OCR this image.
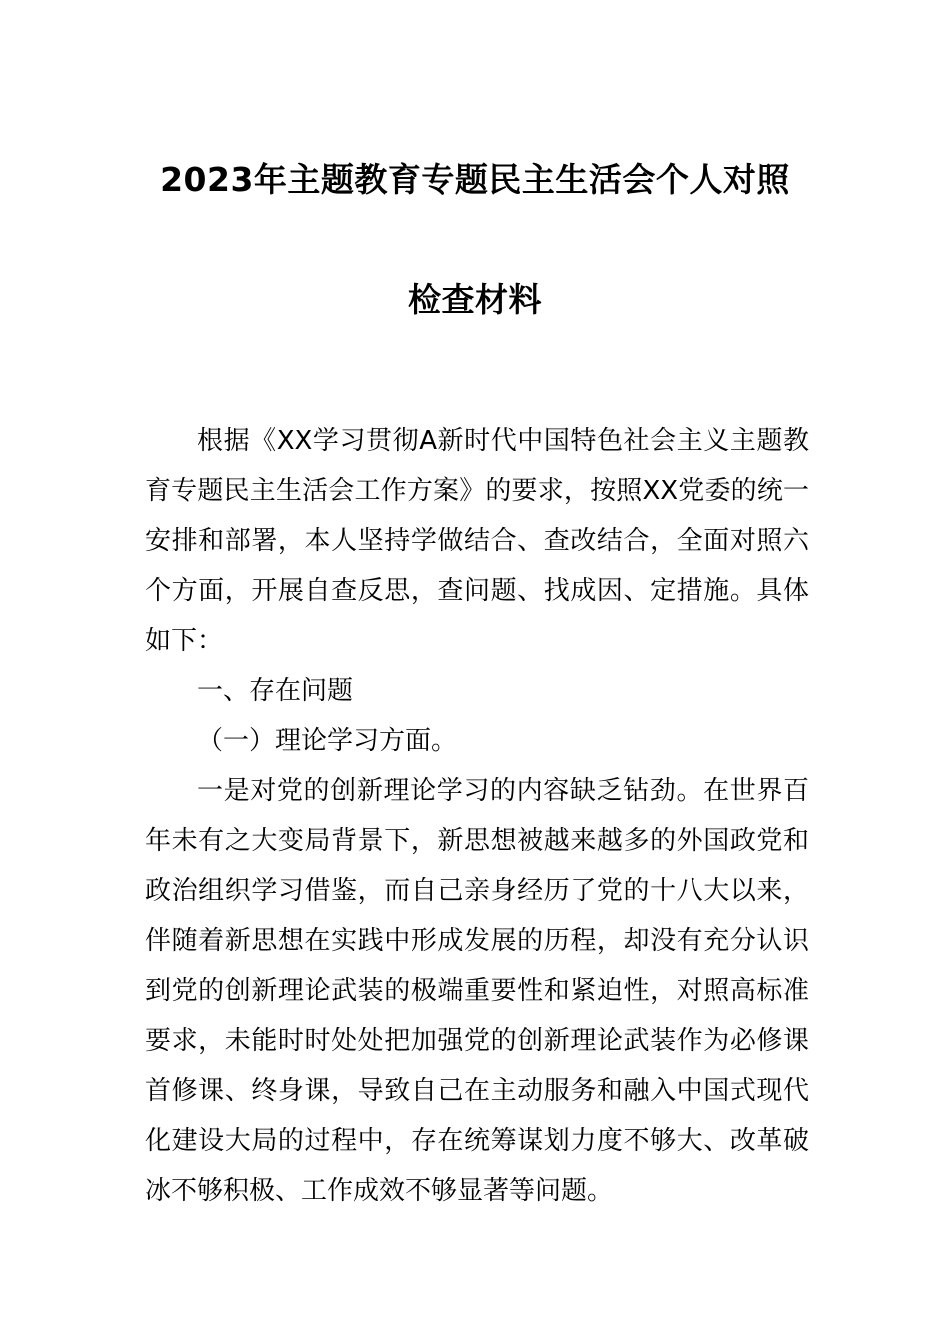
2023年主题教育专题民主生活会个人对照
检查材料

根据《XX学习贯彻A新时代中国特色社会主义主题教育专题民主生活会工作方案》的要求，按照XX党委的统一安排和部署，本人坚持学做结合、查改结合，全面对照六个方面，开展自查反思，查问题、找成因、定措施。具体如下：

一、存在问题

（一）理论学习方面。

一是对党的创新理论学习的内容缺乏钻劲。在世界百年未有之大变局背景下，新思想被越来越多的外国政党和政治组织学习借鉴，而自己亲身经历了党的十八大以来，伴随着新思想在实践中形成发展的历程，却没有充分认识到党的创新理论武装的极端重要性和紧迫性，对照高标准要求，未能时时处处把加强党的创新理论武装作为必修课首修课、终身课，导致自己在主动服务和融入中国式现代化建设大局的过程中，存在统筹谋划力度不够大、改革破冰不够积极、工作成效不够显著等问题。
